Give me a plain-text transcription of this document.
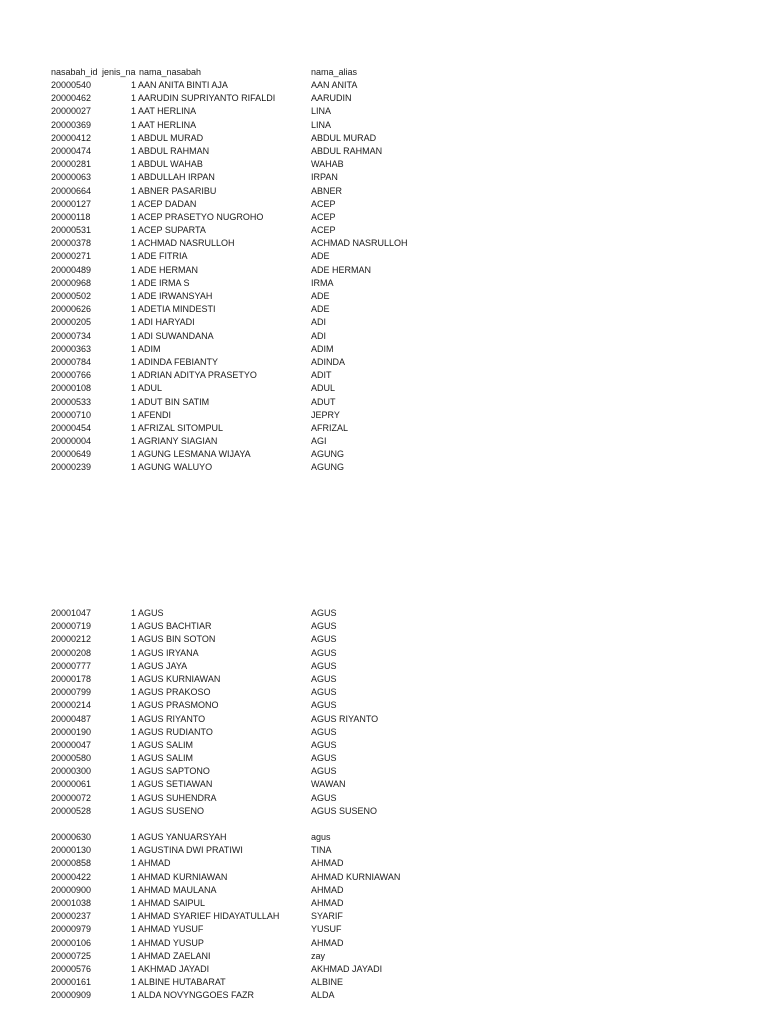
nasabah_id jenis_na nama_nasabah	nama_alias
20000540	1 AAN ANITA BINTI AJA	AAN ANITA
20000462	1 AARUDIN SUPRIYANTO RIFALDI	AARUDIN
20000027	1 AAT HERLINA	LINA
20000369	1 AAT HERLINA	LINA
20000412	1 ABDUL MURAD	ABDUL MURAD
20000474	1 ABDUL RAHMAN	ABDUL RAHMAN
20000281	1 ABDUL WAHAB	WAHAB
20000063	1 ABDULLAH IRPAN	IRPAN
20000664	1 ABNER PASARIBU	ABNER
20000127	1 ACEP DADAN	ACEP
20000118	1 ACEP PRASETYO NUGROHO	ACEP
20000531	1 ACEP SUPARTA	ACEP
20000378	1 ACHMAD NASRULLOH	ACHMAD NASRULLOH
20000271	1 ADE FITRIA	ADE
20000489	1 ADE HERMAN	ADE HERMAN
20000968	1 ADE IRMA S	IRMA
20000502	1 ADE IRWANSYAH	ADE
20000626	1 ADETIA MINDESTI	ADE
20000205	1 ADI HARYADI	ADI
20000734	1 ADI SUWANDANA	ADI
20000363	1 ADIM	ADIM
20000784	1 ADINDA FEBIANTY	ADINDA
20000766	1 ADRIAN ADITYA PRASETYO	ADIT
20000108	1 ADUL	ADUL
20000533	1 ADUT BIN SATIM	ADUT
20000710	1 AFENDI	JEPRY
20000454	1 AFRIZAL SITOMPUL	AFRIZAL
20000004	1 AGRIANY SIAGIAN	AGI
20000649	1 AGUNG LESMANA WIJAYA	AGUNG
20000239	1 AGUNG WALUYO	AGUNG
20001047	1 AGUS	AGUS
20000719	1 AGUS BACHTIAR	AGUS
20000212	1 AGUS BIN SOTON	AGUS
20000208	1 AGUS IRYANA	AGUS
20000777	1 AGUS JAYA	AGUS
20000178	1 AGUS KURNIAWAN	AGUS
20000799	1 AGUS PRAKOSO	AGUS
20000214	1 AGUS PRASMONO	AGUS
20000487	1 AGUS RIYANTO	AGUS RIYANTO
20000190	1 AGUS RUDIANTO	AGUS
20000047	1 AGUS SALIM	AGUS
20000580	1 AGUS SALIM	AGUS
20000300	1 AGUS SAPTONO	AGUS
20000061	1 AGUS SETIAWAN	WAWAN
20000072	1 AGUS SUHENDRA	AGUS
20000528	1 AGUS SUSENO	AGUS SUSENO
20000630	1 AGUS YANUARSYAH	agus
20000130	1 AGUSTINA DWI PRATIWI	TINA
20000858	1 AHMAD	AHMAD
20000422	1 AHMAD KURNIAWAN	AHMAD KURNIAWAN
20000900	1 AHMAD MAULANA	AHMAD
20001038	1 AHMAD SAIPUL	AHMAD
20000237	1 AHMAD SYARIEF HIDAYATULLAH	SYARIF
20000979	1 AHMAD YUSUF	YUSUF
20000106	1 AHMAD YUSUP	AHMAD
20000725	1 AHMAD ZAELANI	zay
20000576	1 AKHMAD JAYADI	AKHMAD JAYADI
20000161	1 ALBINE HUTABARAT	ALBINE
20000909	1 ALDA NOVYNGGOES FAZR	ALDA
